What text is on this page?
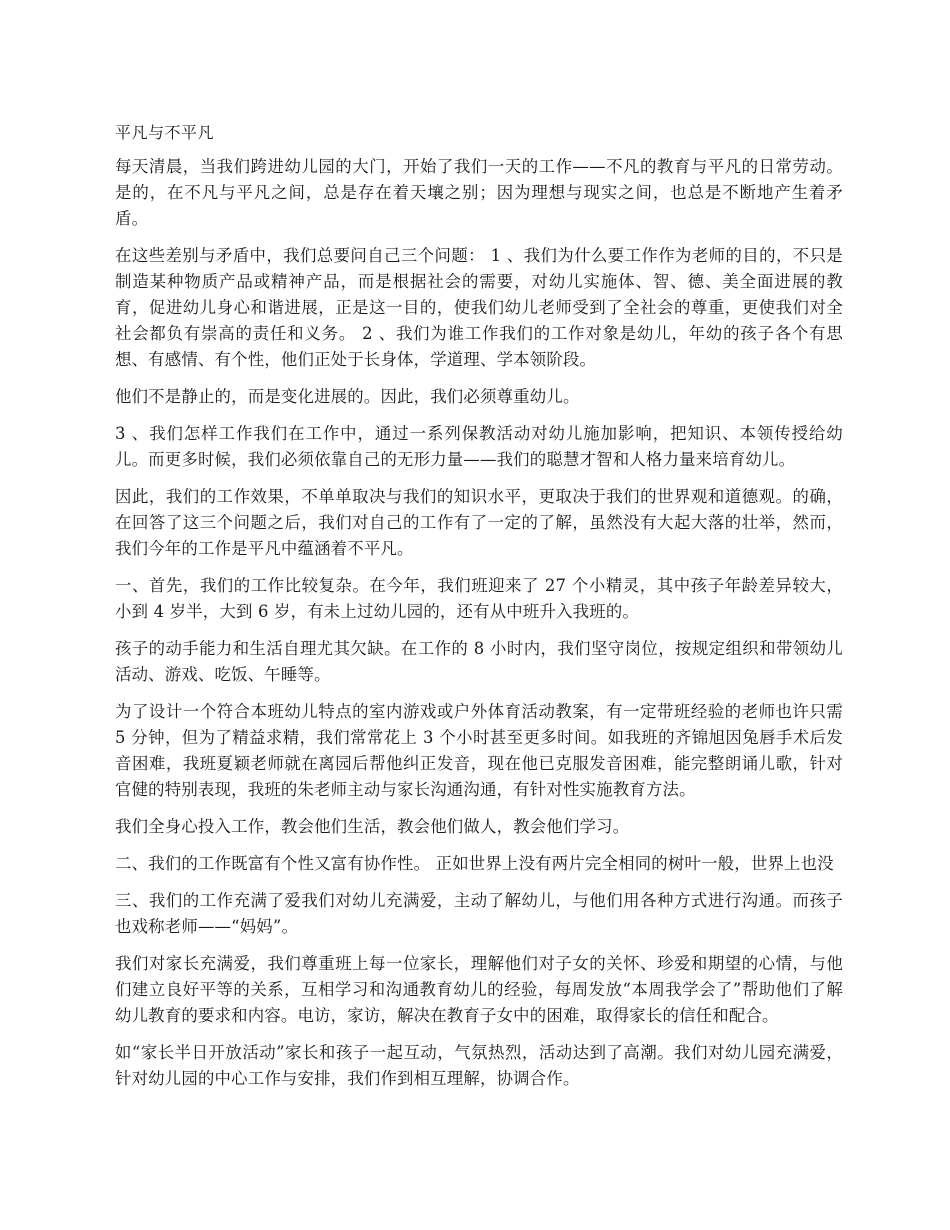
平凡与不平凡

每天清晨，当我们跨进幼儿园的大门，开始了我们一天的工作——不凡的教育与平凡的日常劳动。是的，在不凡与平凡之间，总是存在着天壤之别；因为理想与现实之间，也总是不断地产生着矛盾。

在这些差别与矛盾中，我们总要问自己三个问题： 1 、我们为什么要工作作为老师的目的，不只是制造某种物质产品或精神产品，而是根据社会的需要，对幼儿实施体、智、德、美全面进展的教育，促进幼儿身心和谐进展，正是这一目的，使我们幼儿老师受到了全社会的尊重，更使我们对全社会都负有崇高的责任和义务。 2 、我们为谁工作我们的工作对象是幼儿，年幼的孩子各个有思想、有感情、有个性，他们正处于长身体，学道理、学本领阶段。

他们不是静止的，而是变化进展的。因此，我们必须尊重幼儿。

3 、我们怎样工作我们在工作中，通过一系列保教活动对幼儿施加影响，把知识、本领传授给幼儿。而更多时候，我们必须依靠自己的无形力量——我们的聪慧才智和人格力量来培育幼儿。

因此，我们的工作效果，不单单取决与我们的知识水平，更取决于我们的世界观和道德观。的确，在回答了这三个问题之后，我们对自己的工作有了一定的了解，虽然没有大起大落的壮举，然而，我们今年的工作是平凡中蕴涵着不平凡。

一、首先，我们的工作比较复杂。在今年，我们班迎来了 27 个小精灵，其中孩子年龄差异较大，小到 4 岁半，大到 6 岁，有未上过幼儿园的，还有从中班升入我班的。

孩子的动手能力和生活自理尤其欠缺。在工作的 8 小时内，我们坚守岗位，按规定组织和带领幼儿活动、游戏、吃饭、午睡等。

为了设计一个符合本班幼儿特点的室内游戏或户外体育活动教案，有一定带班经验的老师也许只需 5 分钟，但为了精益求精，我们常常花上 3 个小时甚至更多时间。如我班的齐锦旭因兔唇手术后发音困难，我班夏颖老师就在离园后帮他纠正发音，现在他已克服发音困难，能完整朗诵儿歌，针对官健的特别表现，我班的朱老师主动与家长沟通沟通，有针对性实施教育方法。

我们全身心投入工作，教会他们生活，教会他们做人，教会他们学习。

二、我们的工作既富有个性又富有协作性。 正如世界上没有两片完全相同的树叶一般，世界上也没

三、我们的工作充满了爱我们对幼儿充满爱，主动了解幼儿，与他们用各种方式进行沟通。而孩子也戏称老师——“妈妈”。

我们对家长充满爱，我们尊重班上每一位家长，理解他们对子女的关怀、珍爱和期望的心情，与他们建立良好平等的关系，互相学习和沟通教育幼儿的经验，每周发放“本周我学会了”帮助他们了解幼儿教育的要求和内容。电访，家访，解决在教育子女中的困难，取得家长的信任和配合。

如“家长半日开放活动”家长和孩子一起互动，气氛热烈，活动达到了高潮。我们对幼儿园充满爱，针对幼儿园的中心工作与安排，我们作到相互理解，协调合作。
